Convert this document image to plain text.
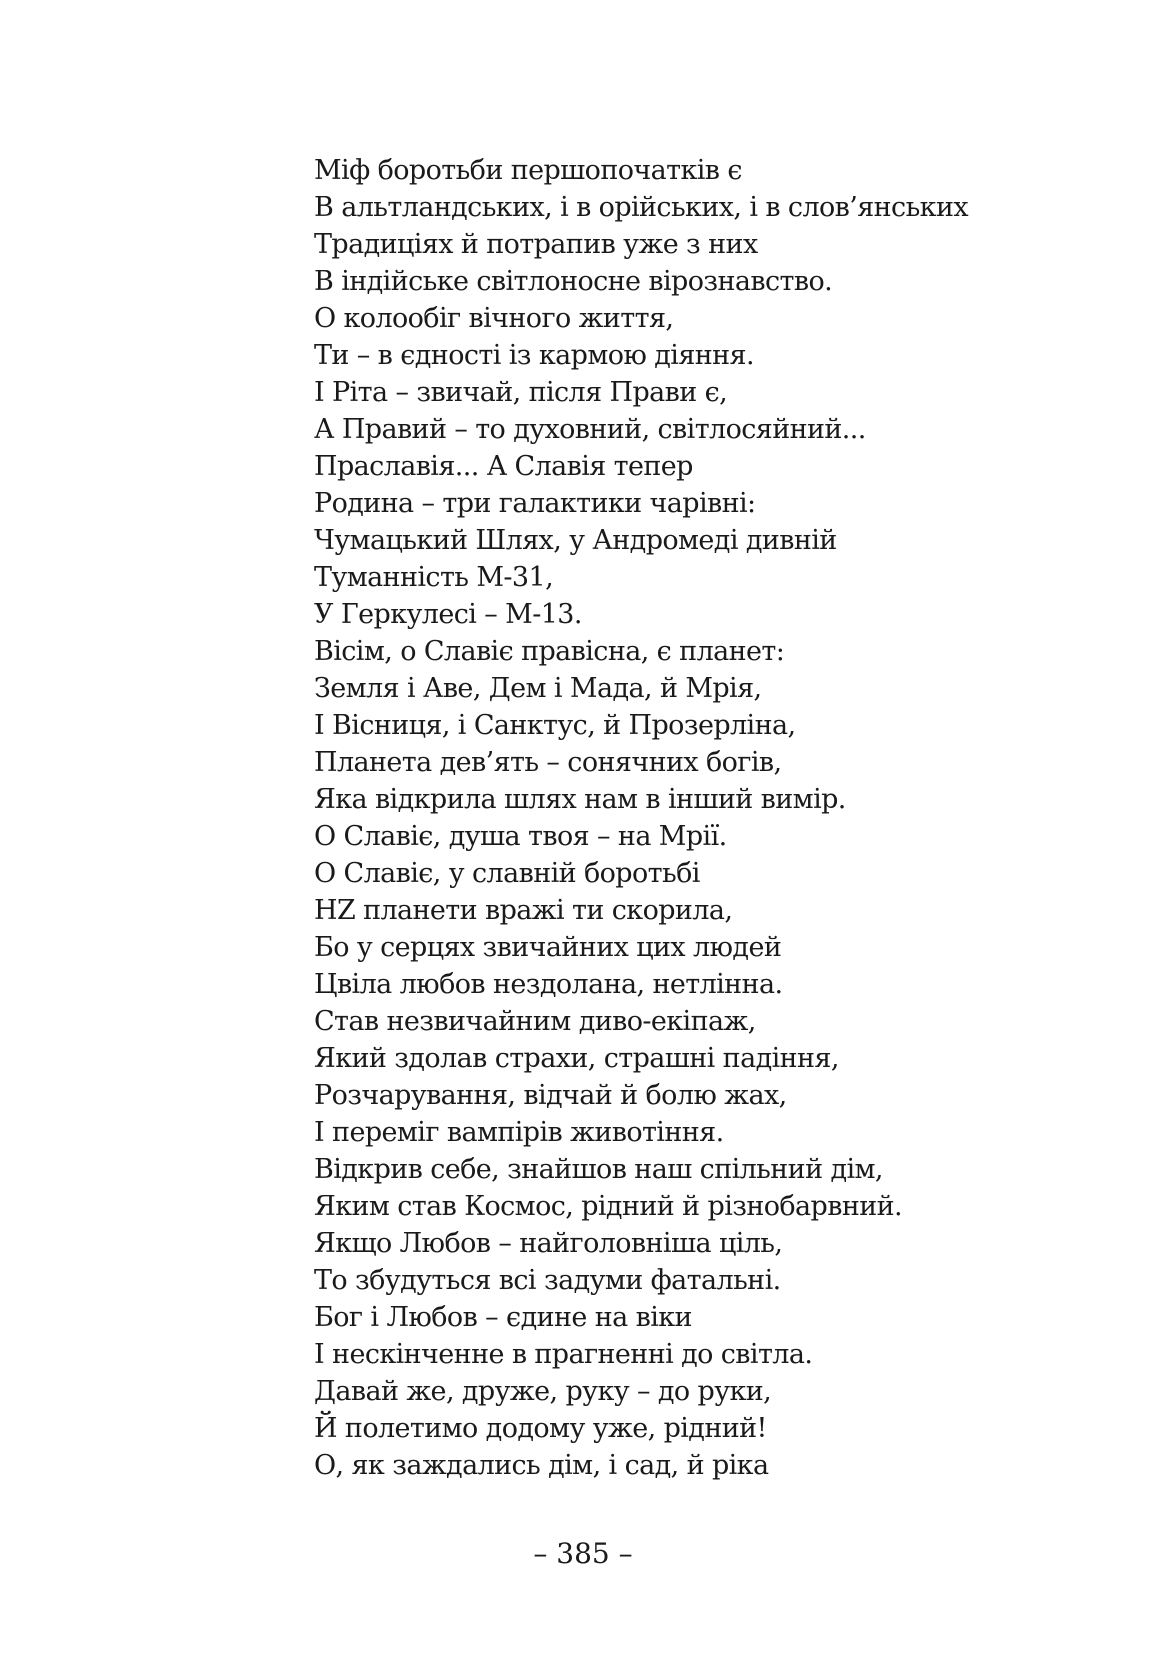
Міф боротьби першопочатків є
В альтландських, і в орійських, і в слов’янських
Традиціях й потрапив уже з них
В індійське світлоносне вірознавство.
О колообіг вічного життя,
Ти – в єдності із кармою діяння.
І Ріта – звичай, після Прави є,
А Правий – то духовний, світлосяйний...
Праславія... А Славія тепер
Родина – три галактики чарівні:
Чумацький Шлях, у Андромеді дивній
Туманність М-31,
У Геркулесі – М-13.
Вісім, о Славіє правісна, є планет:
Земля і Аве, Дем і Мада, й Мрія,
І Вісниця, і Санктус, й Прозерліна,
Планета дев’ять – сонячних богів,
Яка відкрила шлях нам в інший вимір.
О Славіє, душа твоя – на Мрії.
О Славіє, у славній боротьбі
HZ планети вражі ти скорила,
Бо у серцях звичайних цих людей
Цвіла любов нездолана, нетлінна.
Став незвичайним диво-екіпаж,
Який здолав страхи, страшні падіння,
Розчарування, відчай й болю жах,
І переміг вампірів животіння.
Відкрив себе, знайшов наш спільний дім,
Яким став Космос, рідний й різнобарвний.
Якщо Любов – найголовніша ціль,
То збудуться всі задуми фатальні.
Бог і Любов – єдине на віки
І нескінченне в прагненні до світла.
Давай же, друже, руку – до руки,
Й полетимо додому уже, рідний!
О, як заждались дім, і сад, й ріка
– 385 –
